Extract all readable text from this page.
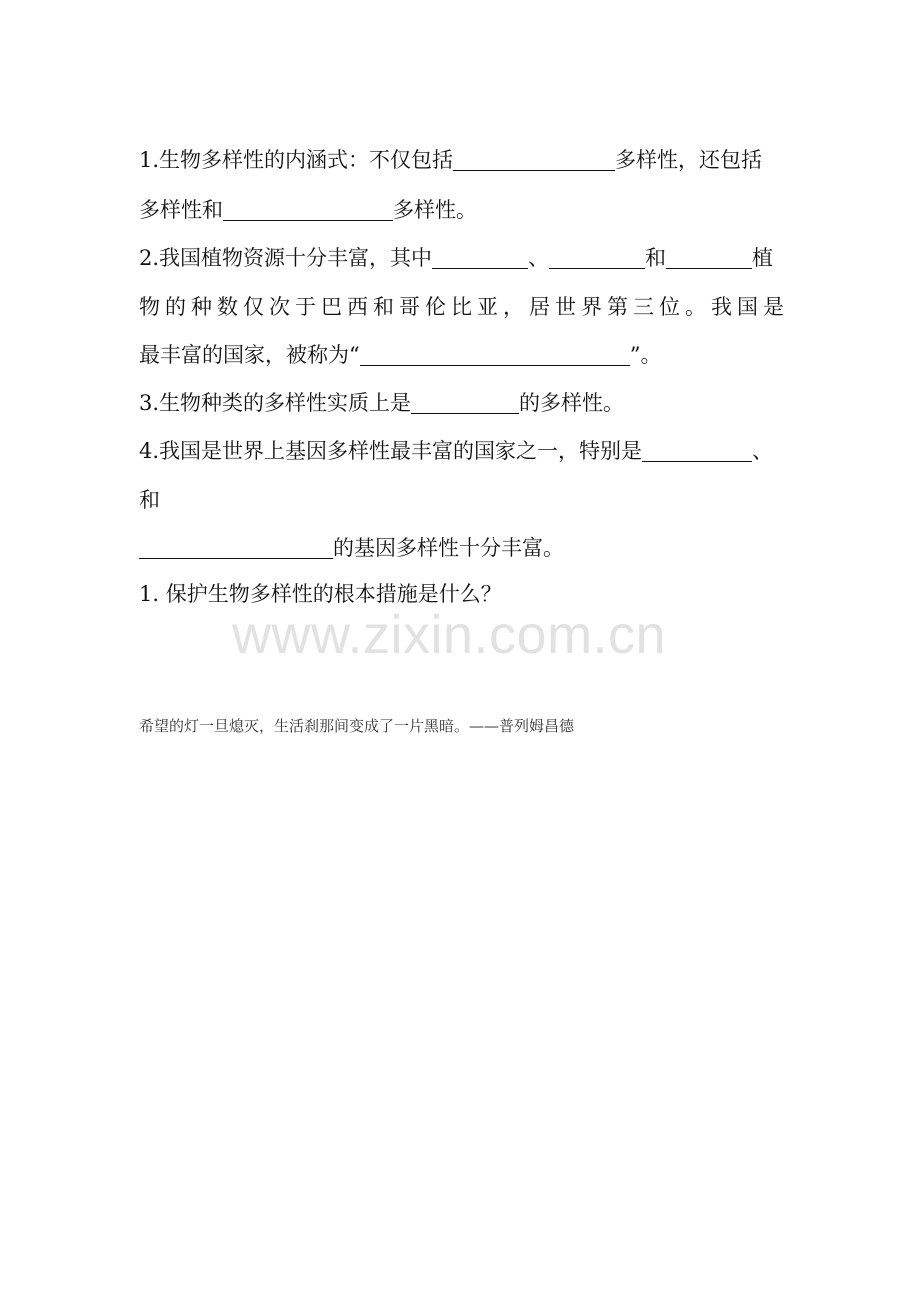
1.生物多样性的内涵式：不仅包括	多样性，还包括
多样性和	多样性。
2.我国植物资源十分丰富，其中	、	和	植
物 的 种 数 仅 次 于 巴 西 和 哥 伦 比 亚 ， 居 世 界 第 三 位 。 我 国 是
最丰富的国家，被称为“	”。
3.生物种类的多样性实质上是	的多样性。
4.我国是世界上基因多样性最丰富的国家之一，特别是	、
和
的基因多样性十分丰富。
1. 保护生物多样性的根本措施是什么？
www.zixin.com.cn
希望的灯一旦熄灭，生活刹那间变成了一片黑暗。——普列姆昌德
